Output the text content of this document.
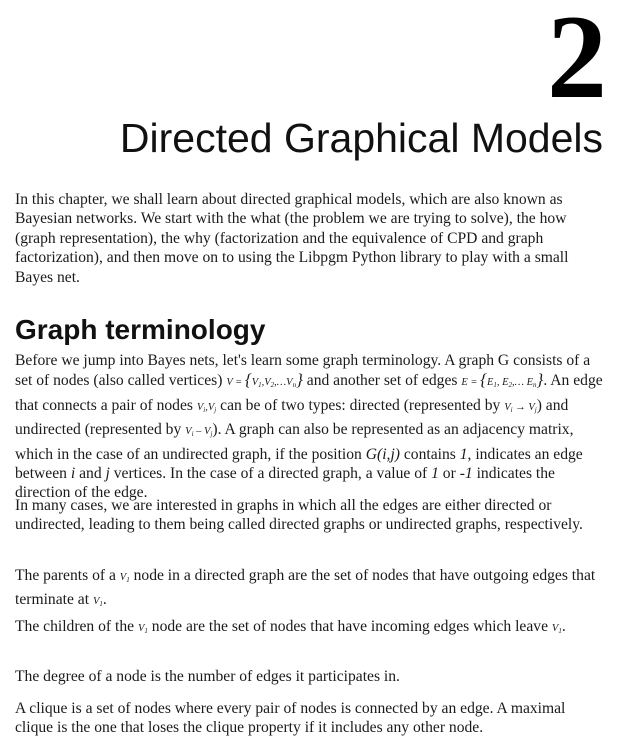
2
Directed Graphical Models

In this chapter, we shall learn about directed graphical models, which are also known as Bayesian networks. We start with the what (the problem we are trying to solve), the how (graph representation), the why (factorization and the equivalence of CPD and graph factorization), and then move on to using the Libpgm Python library to play with a small Bayes net.

Graph terminology

Before we jump into Bayes nets, let's learn some graph terminology. A graph G consists of a set of nodes (also called vertices) $V = \{V_1,V_2,\dots V_n\}$ and another set of edges $E = \{E_1$, $E_2,\dots$ $E_n$}. An edge that connects a pair of nodes $V_i,V_j$ can be of two types: directed (represented by $V_i \to V_j$) and undirected (represented by $V_i - V_j$). A graph can also be represented as an adjacency matrix, which in the case of an undirected graph, if the position G(i,j) contains 1, indicates an edge between i and j vertices. In the case of a directed graph, a value of 1 or -1 indicates the direction of the edge.

In many cases, we are interested in graphs in which all the edges are either directed or undirected, leading to them being called directed graphs or undirected graphs, respectively.

The parents of a $V_1$ node in a directed graph are the set of nodes that have outgoing edges that terminate at $V_1$.

The children of the $V_1$ node are the set of nodes that have incoming edges which leave $V_1$.

The degree of a node is the number of edges it participates in.

A clique is a set of nodes where every pair of nodes is connected by an edge. A maximal clique is the one that loses the clique property if it includes any other node.
